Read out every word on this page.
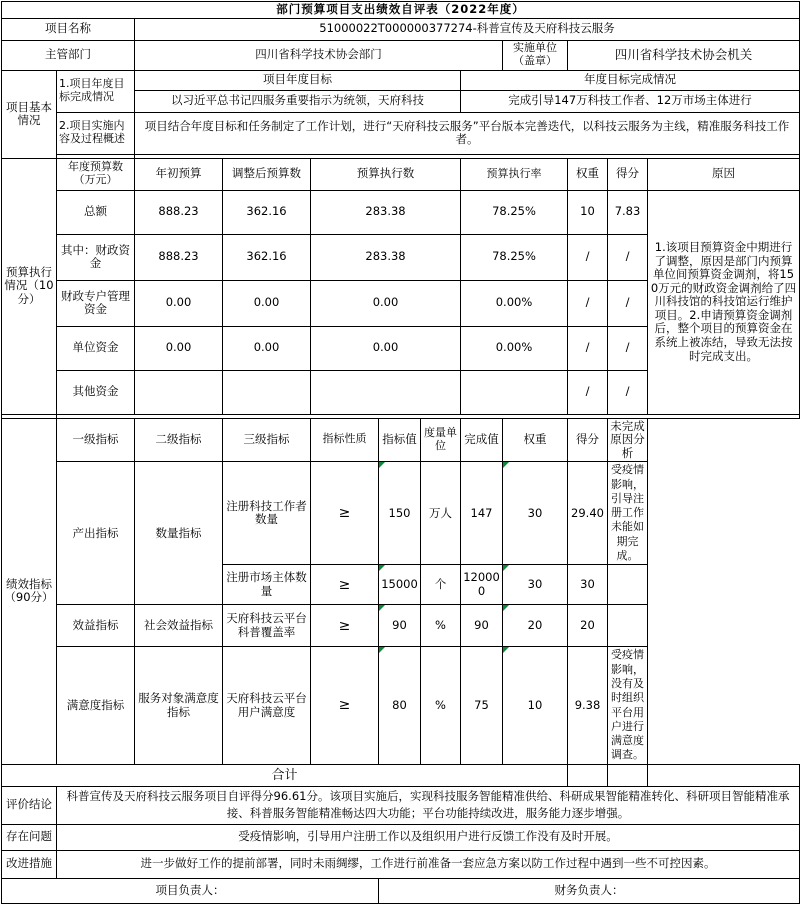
部门预算项目支出绩效自评表（2022年度）											
项目名称		51000022T000000377274-科普宣传及天府科技云服务									
主管部门		四川省科学技术协会部门						实施单位（盖章）	四川省科学技术协会机关		
项目基本情况	1.项目年度目标完成情况	项目年度目标					年度目标完成情况				
		以习近平总书记四服务重要指示为统领，天府科技					完成引导147万科技工作者、12万市场主体进行				
	2.项目实施内容及过程概述	项目结合年度目标和任务制定了工作计划，进行“天府科技云服务”平台版本完善迭代，以科技云服务为主线，精准服务科技工作者。									

预算执行情况（10分）	年度预算数（万元）	年初预算	调整后预算数	预算执行数			预算执行率		权重	得分	原因
	总额	888.23	362.16	283.38			78.25%		10	7.83	1.该项目预算资金中期进行了调整，原因是部门内预算单位间预算资金调剂，将150万元的财政资金调剂给了四川科技馆的科技馆运行维护项目。2.申请预算资金调剂后，整个项目的预算资金在系统上被冻结，导致无法按时完成支出。
	其中：财政资金	888.23	362.16	283.38			78.25%		/	/	
	财政专户管理资金	0.00	0.00	0.00			0.00%		/	/	
	单位资金	0.00	0.00	0.00			0.00%		/	/	
	其他资金								/	/	

绩效指标（90分）	一级指标	二级指标	三级指标	指标性质	指标值	度量单位	完成值	权重	得分	未完成原因分析	
	产出指标	数量指标	注册科技工作者数量	≥	150	万人	147	30	29.40	受疫情影响，引导注册工作未能如期完成。	
			注册市场主体数量	≥	15000	个	120000	30	30		
	效益指标	社会效益指标	天府科技云平台科普覆盖率	≥	90	%	90	20	20		
	满意度指标	服务对象满意度指标	天府科技云平台用户满意度	≥	80	%	75	10	9.38	受疫情影响，没有及时组织平台用户进行满意度调查。	
合计											
评价结论	科普宣传及天府科技云服务项目自评得分96.61分。该项目实施后，实现科技服务智能精准供给、科研成果智能精准转化、科研项目智能精准承接、科普服务智能精准畅达四大功能；平台功能持续改进，服务能力逐步增强。										
存在问题	受疫情影响，引导用户注册工作以及组织用户进行反馈工作没有及时开展。										
改进措施	进一步做好工作的提前部署，同时未雨绸缪，工作进行前准备一套应急方案以防工作过程中遇到一些不可控因素。										
项目负责人：					财务负责人：						
